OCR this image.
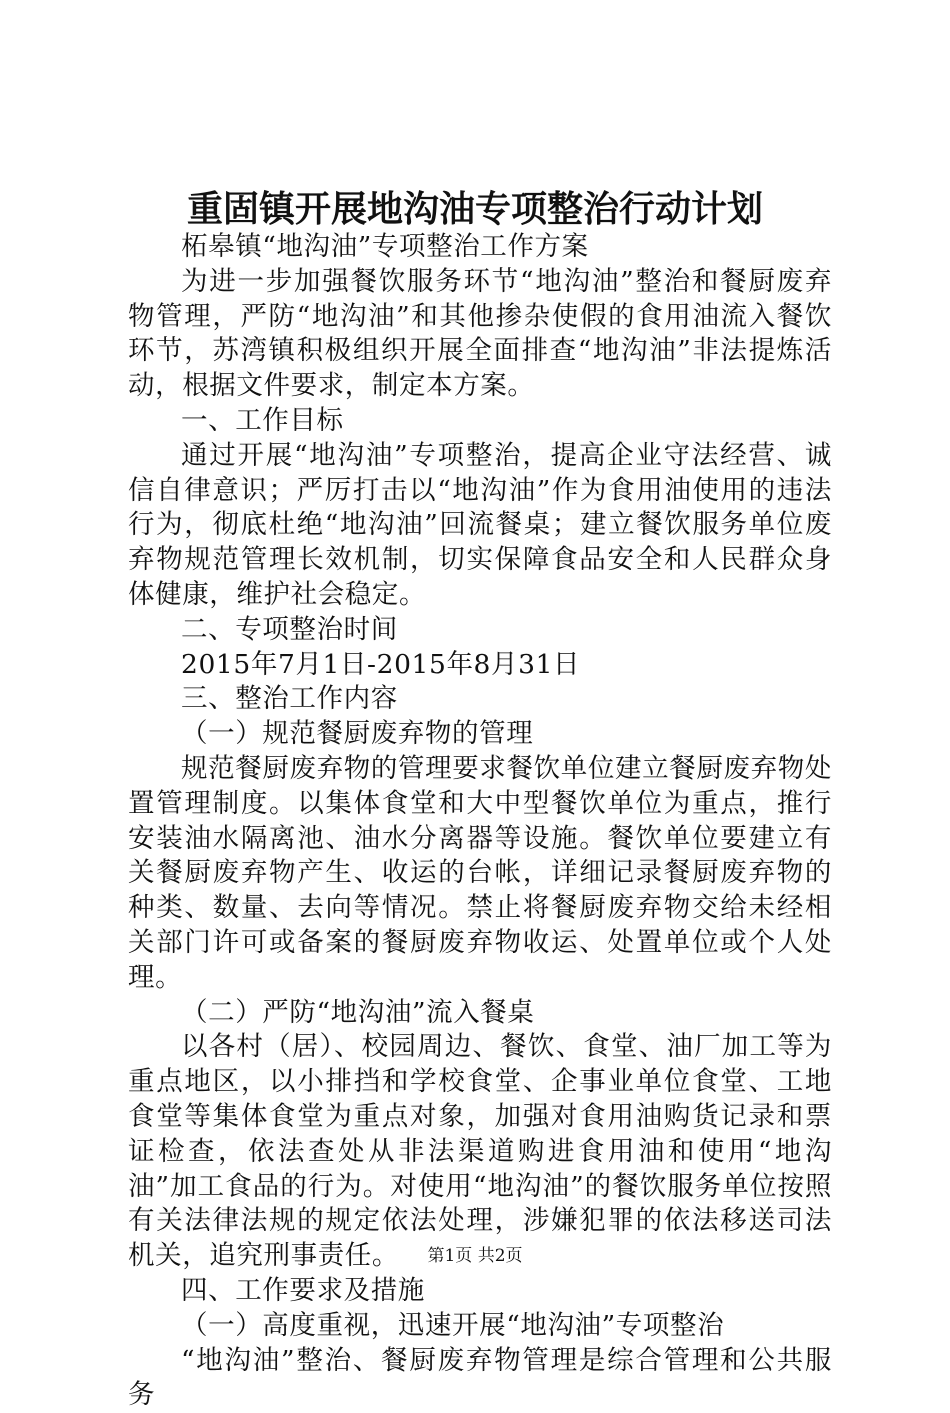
重固镇开展地沟油专项整治行动计划

柘皋镇“地沟油”专项整治工作方案

为进一步加强餐饮服务环节“地沟油”整治和餐厨废弃物管理，严防“地沟油”和其他掺杂使假的食用油流入餐饮环节，苏湾镇积极组织开展全面排查“地沟油”非法提炼活动，根据文件要求，制定本方案。

一、工作目标

通过开展“地沟油”专项整治，提高企业守法经营、诚信自律意识；严厉打击以“地沟油”作为食用油使用的违法行为，彻底杜绝“地沟油”回流餐桌；建立餐饮服务单位废弃物规范管理长效机制，切实保障食品安全和人民群众身体健康，维护社会稳定。

二、专项整治时间

2015年7月1日-2015年8月31日

三、整治工作内容

（一）规范餐厨废弃物的管理

规范餐厨废弃物的管理要求餐饮单位建立餐厨废弃物处置管理制度。以集体食堂和大中型餐饮单位为重点，推行安装油水隔离池、油水分离器等设施。餐饮单位要建立有关餐厨废弃物产生、收运的台帐，详细记录餐厨废弃物的种类、数量、去向等情况。禁止将餐厨废弃物交给未经相关部门许可或备案的餐厨废弃物收运、处置单位或个人处理。

（二）严防“地沟油”流入餐桌

以各村（居）、校园周边、餐饮、食堂、油厂加工等为重点地区，以小排挡和学校食堂、企事业单位食堂、工地食堂等集体食堂为重点对象，加强对食用油购货记录和票证检查，依法查处从非法渠道购进食用油和使用“地沟油”加工食品的行为。对使用“地沟油”的餐饮服务单位按照有关法律法规的规定依法处理，涉嫌犯罪的依法移送司法机关，追究刑事责任。

四、工作要求及措施

（一）高度重视，迅速开展“地沟油”专项整治

“地沟油”整治、餐厨废弃物管理是综合管理和公共服务

第1页 共2页
